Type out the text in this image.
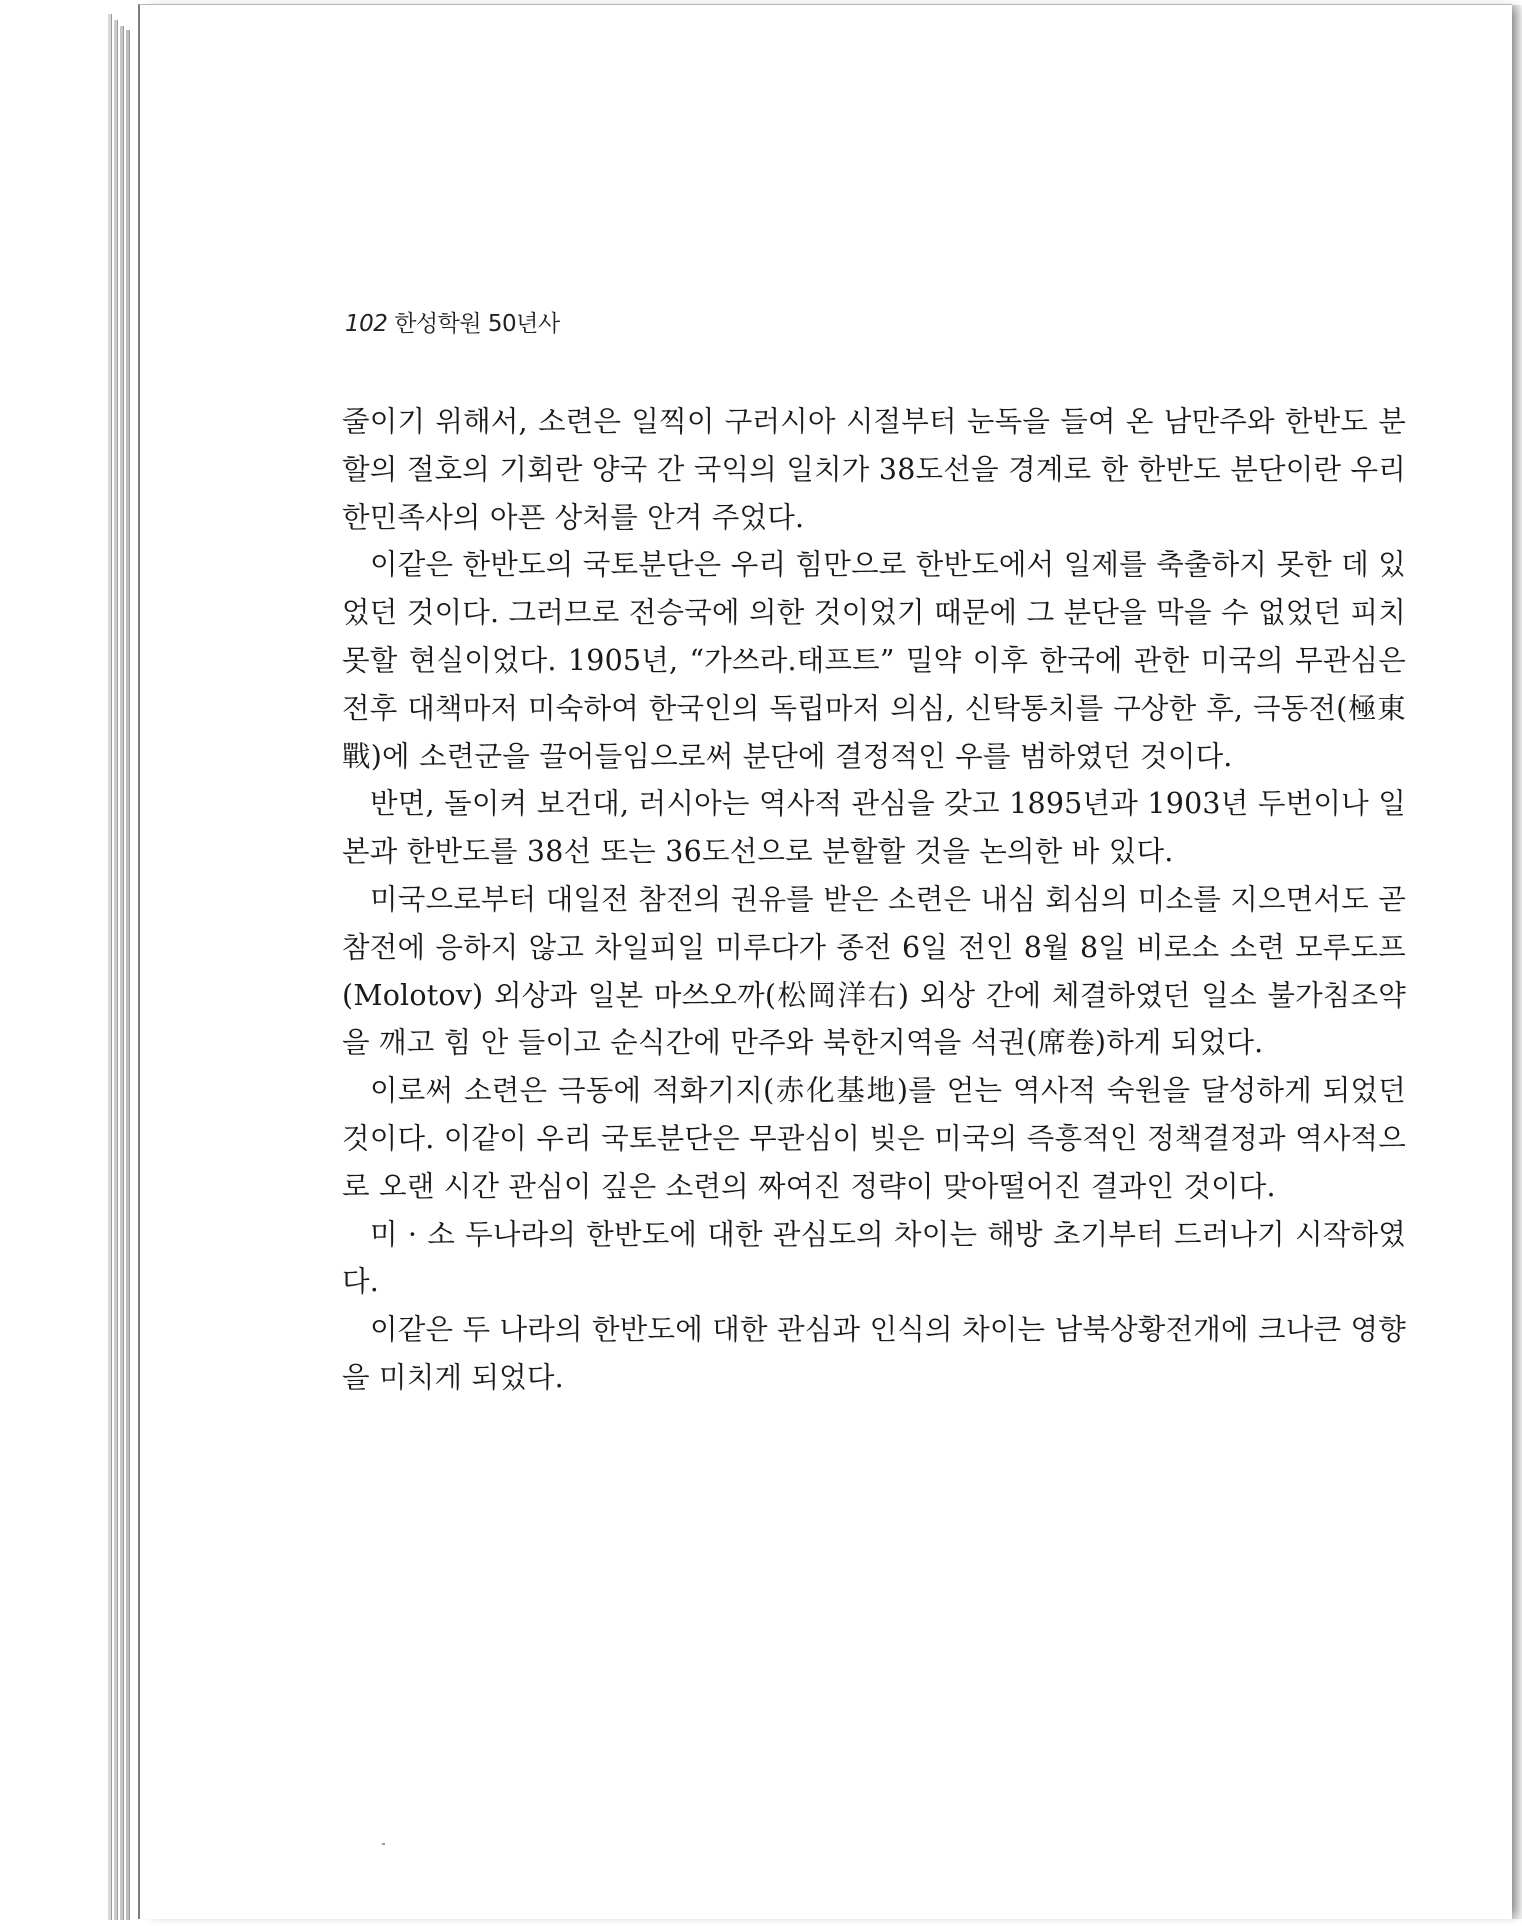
102 한성학원 50년사

줄이기 위해서, 소련은 일찍이 구러시아 시절부터 눈독을 들여 온 남만주와 한반도 분할의 절호의 기회란 양국 간 국익의 일치가 38도선을 경계로 한 한반도 분단이란 우리 한민족사의 아픈 상처를 안겨 주었다.

이같은 한반도의 국토분단은 우리 힘만으로 한반도에서 일제를 축출하지 못한 데 있었던 것이다. 그러므로 전승국에 의한 것이었기 때문에 그 분단을 막을 수 없었던 피치 못할 현실이었다. 1905년, “가쓰라.태프트” 밀약 이후 한국에 관한 미국의 무관심은 전후 대책마저 미숙하여 한국인의 독립마저 의심, 신탁통치를 구상한 후, 극동전(極東戰)에 소련군을 끌어들임으로써 분단에 결정적인 우를 범하였던 것이다.

반면, 돌이켜 보건대, 러시아는 역사적 관심을 갖고 1895년과 1903년 두번이나 일본과 한반도를 38선 또는 36도선으로 분할할 것을 논의한 바 있다.

미국으로부터 대일전 참전의 권유를 받은 소련은 내심 회심의 미소를 지으면서도 곧 참전에 응하지 않고 차일피일 미루다가 종전 6일 전인 8월 8일 비로소 소련 모루도프(Molotov) 외상과 일본 마쓰오까(松岡洋右) 외상 간에 체결하였던 일소 불가침조약을 깨고 힘 안 들이고 순식간에 만주와 북한지역을 석권(席卷)하게 되었다.

이로써 소련은 극동에 적화기지(赤化基地)를 얻는 역사적 숙원을 달성하게 되었던 것이다. 이같이 우리 국토분단은 무관심이 빚은 미국의 즉흥적인 정책결정과 역사적으로 오랜 시간 관심이 깊은 소련의 짜여진 정략이 맞아떨어진 결과인 것이다.

미 · 소 두나라의 한반도에 대한 관심도의 차이는 해방 초기부터 드러나기 시작하였다.

이같은 두 나라의 한반도에 대한 관심과 인식의 차이는 남북상황전개에 크나큰 영향을 미치게 되었다.
